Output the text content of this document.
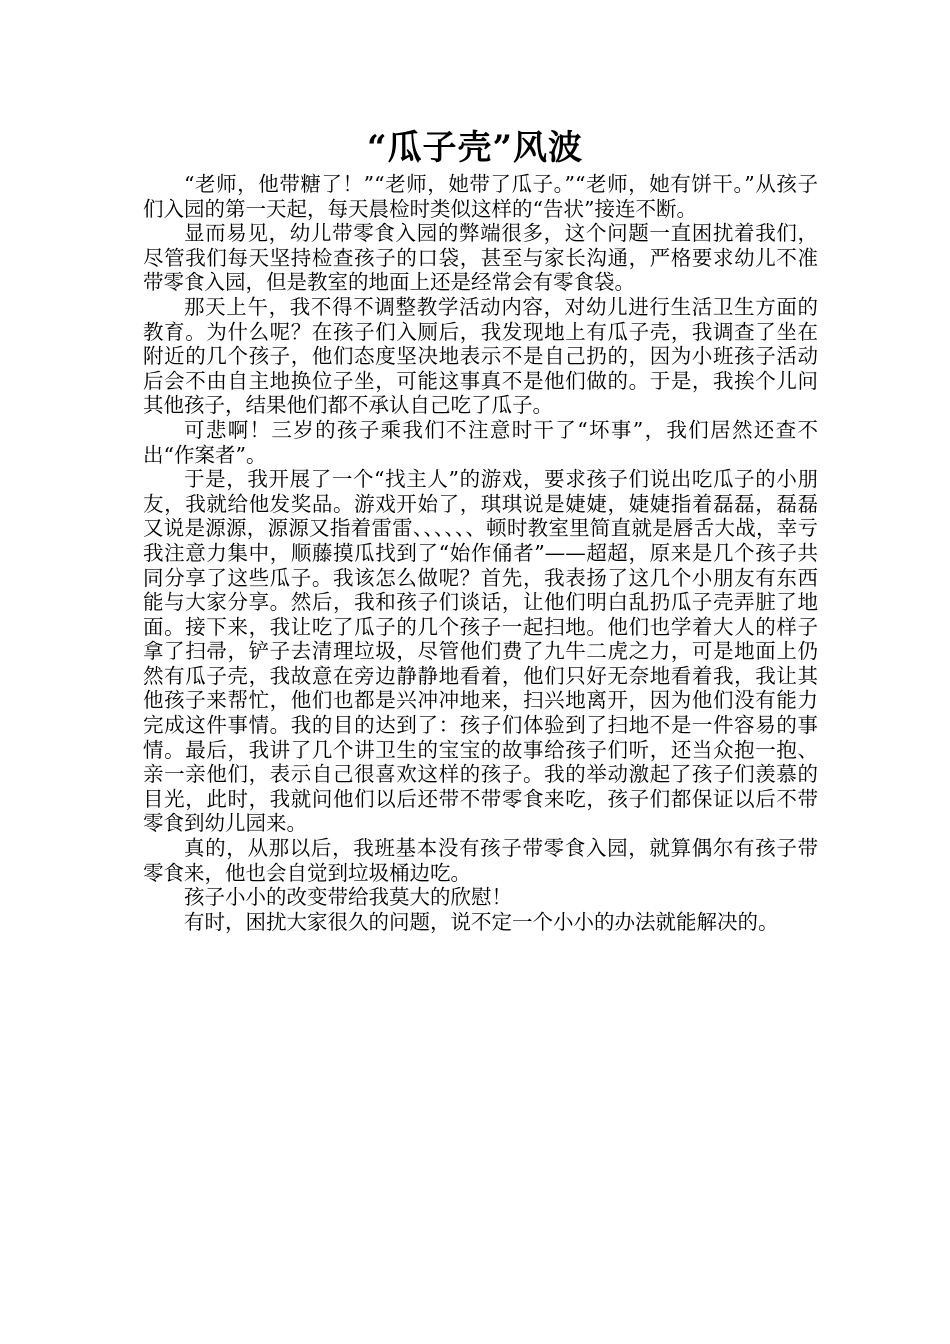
“瓜子壳”风波

“老师，他带糖了！”“老师，她带了瓜子。”“老师，她有饼干。”从孩子们入园的第一天起，每天晨检时类似这样的“告状”接连不断。

显而易见，幼儿带零食入园的弊端很多，这个问题一直困扰着我们，尽管我们每天坚持检查孩子的口袋，甚至与家长沟通，严格要求幼儿不准带零食入园，但是教室的地面上还是经常会有零食袋。

那天上午，我不得不调整教学活动内容，对幼儿进行生活卫生方面的教育。为什么呢？在孩子们入厕后，我发现地上有瓜子壳，我调查了坐在附近的几个孩子，他们态度坚决地表示不是自己扔的，因为小班孩子活动后会不由自主地换位子坐，可能这事真不是他们做的。于是，我挨个儿问其他孩子，结果他们都不承认自己吃了瓜子。

可悲啊！三岁的孩子乘我们不注意时干了“坏事”，我们居然还查不出“作案者”。

于是，我开展了一个“找主人”的游戏，要求孩子们说出吃瓜子的小朋友，我就给他发奖品。游戏开始了，琪琪说是婕婕，婕婕指着磊磊，磊磊又说是源源，源源又指着雷雷、、、、、、顿时教室里简直就是唇舌大战，幸亏我注意力集中，顺藤摸瓜找到了“始作俑者”——超超，原来是几个孩子共同分享了这些瓜子。我该怎么做呢？首先，我表扬了这几个小朋友有东西能与大家分享。然后，我和孩子们谈话，让他们明白乱扔瓜子壳弄脏了地面。接下来，我让吃了瓜子的几个孩子一起扫地。他们也学着大人的样子拿了扫帚，铲子去清理垃圾，尽管他们费了九牛二虎之力，可是地面上仍然有瓜子壳，我故意在旁边静静地看着，他们只好无奈地看着我，我让其他孩子来帮忙，他们也都是兴冲冲地来，扫兴地离开，因为他们没有能力完成这件事情。我的目的达到了：孩子们体验到了扫地不是一件容易的事情。最后，我讲了几个讲卫生的宝宝的故事给孩子们听，还当众抱一抱、亲一亲他们，表示自己很喜欢这样的孩子。我的举动激起了孩子们羡慕的目光，此时，我就问他们以后还带不带零食来吃，孩子们都保证以后不带零食到幼儿园来。

真的，从那以后，我班基本没有孩子带零食入园，就算偶尔有孩子带零食来，他也会自觉到垃圾桶边吃。

孩子小小的改变带给我莫大的欣慰！

有时，困扰大家很久的问题，说不定一个小小的办法就能解决的。
